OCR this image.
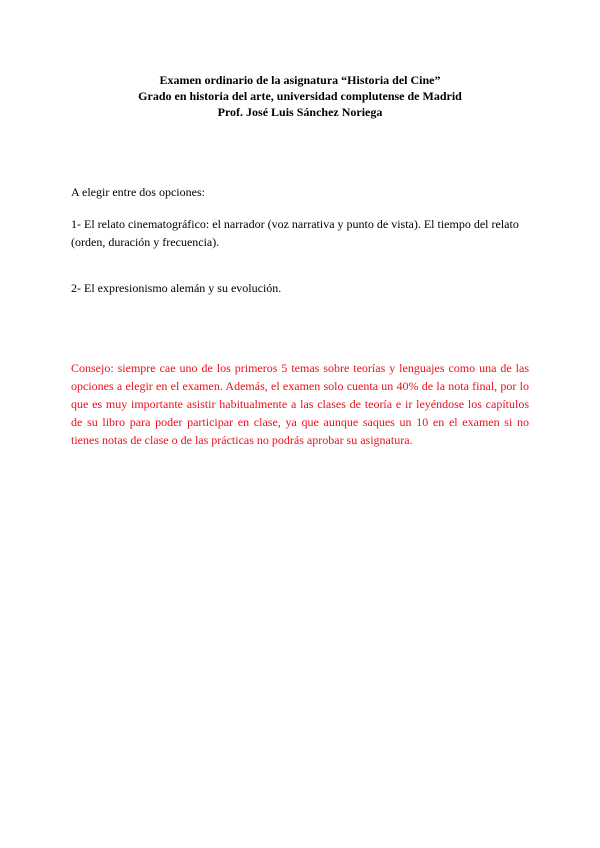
Examen ordinario de la asignatura “Historia del Cine”
Grado en historia del arte, universidad complutense de Madrid
Prof. José Luis Sánchez Noriega
A elegir entre dos opciones:
1- El relato cinematográfico: el narrador (voz narrativa y punto de vista). El tiempo del relato (orden, duración y frecuencia).
2- El expresionismo alemán y su evolución.
Consejo: siempre cae uno de los primeros 5 temas sobre teorías y lenguajes como una de las opciones a elegir en el examen. Además, el examen solo cuenta un 40% de la nota final, por lo que es muy importante asistir habitualmente a las clases de teoría e ir leyéndose los capítulos de su libro para poder participar en clase, ya que aunque saques un 10 en el examen si no tienes notas de clase o de las prácticas no podrás aprobar su asignatura.
